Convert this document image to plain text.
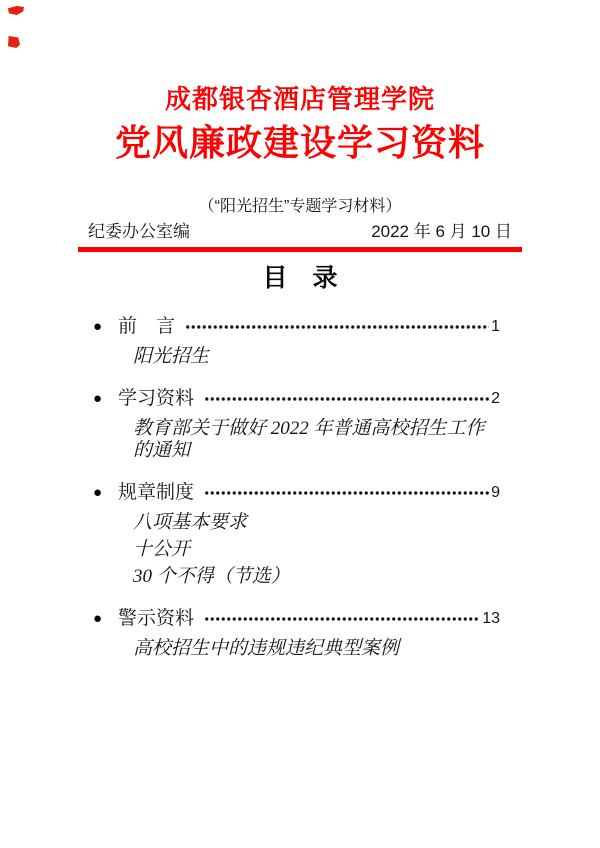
成都银杏酒店管理学院
党风廉政建设学习资料
（“阳光招生”专题学习材料）
纪委办公室编	2022 年 6 月 10 日
目　录
● 前　言	1
阳光招生
● 学习资料	2
教育部关于做好 2022 年普通高校招生工作的通知
● 规章制度	9
八项基本要求
十公开
30 个不得（节选）
● 警示资料	13
高校招生中的违规违纪典型案例
